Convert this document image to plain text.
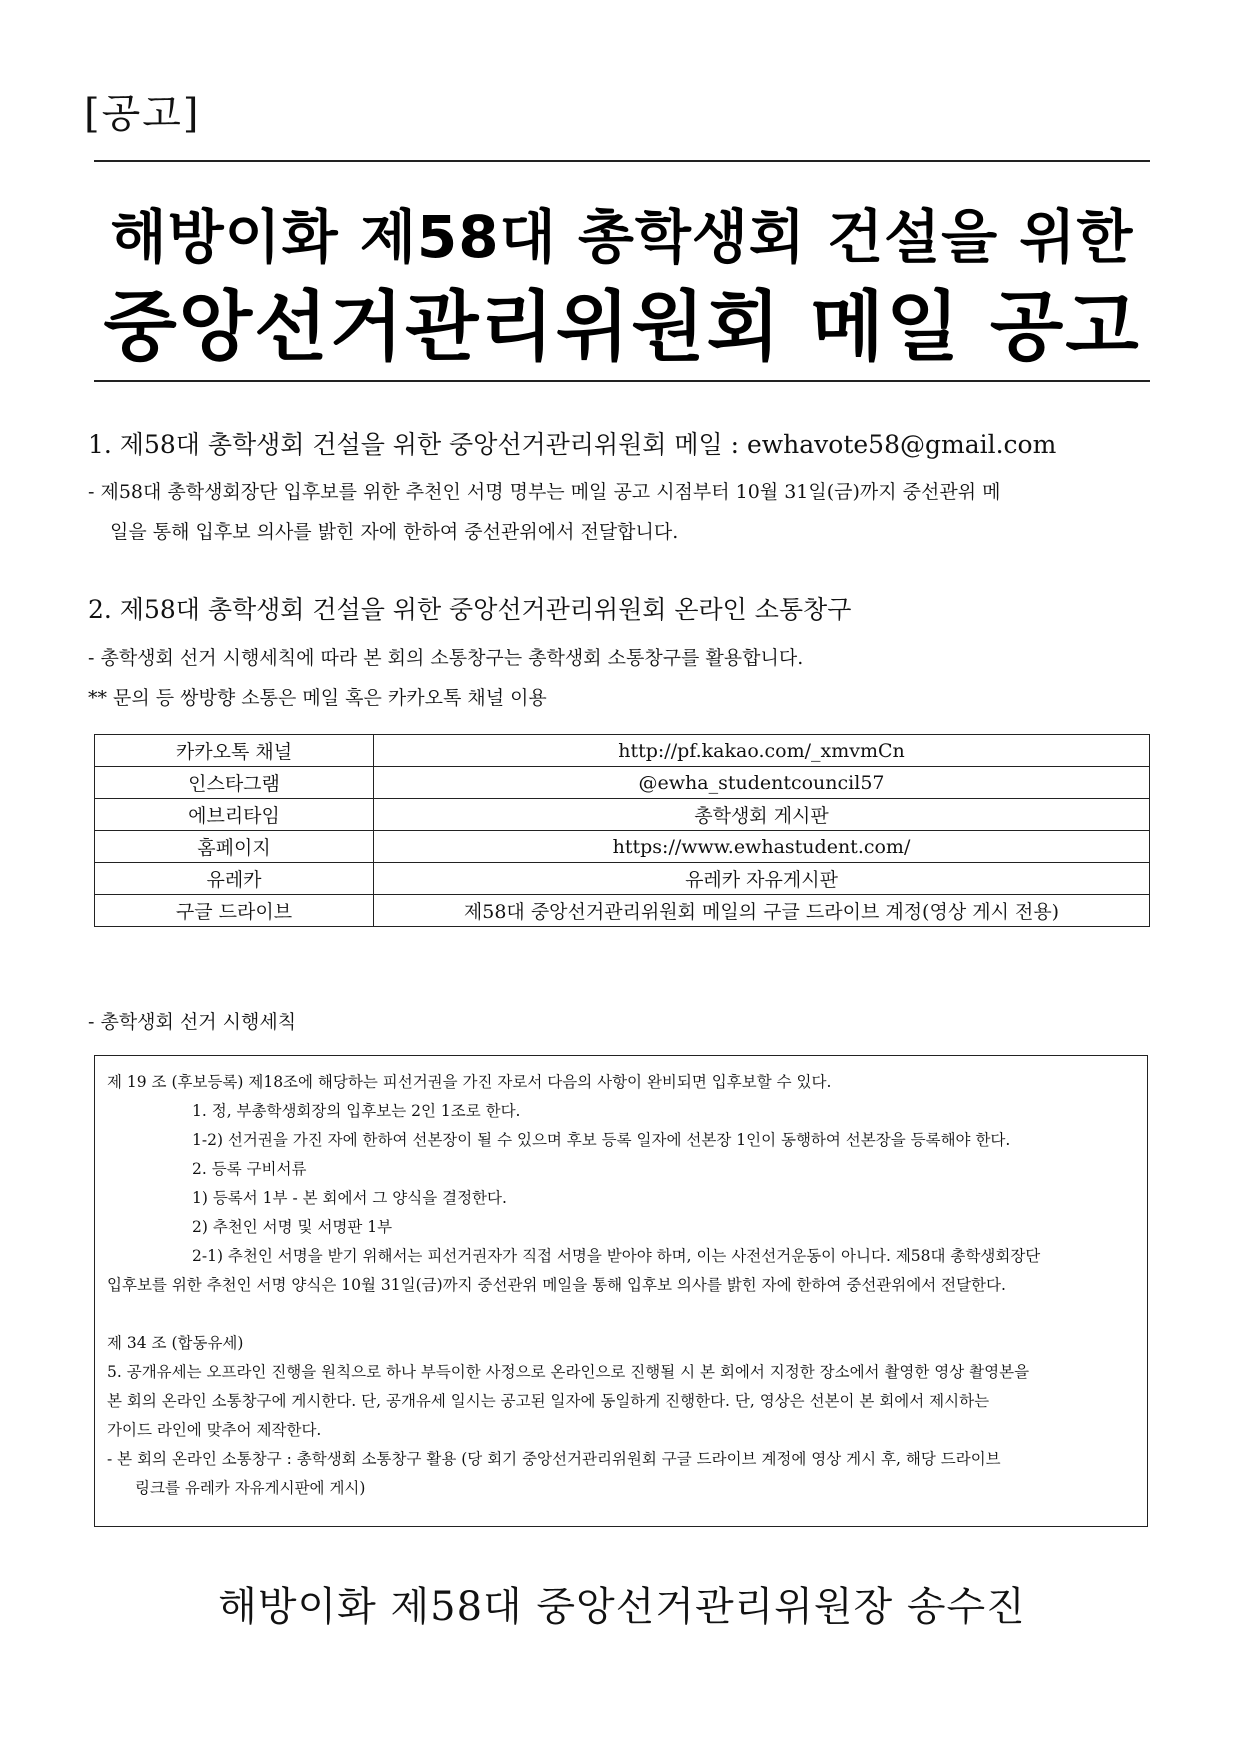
[공고]
해방이화 제58대 총학생회 건설을 위한
중앙선거관리위원회 메일 공고
1. 제58대 총학생회 건설을 위한 중앙선거관리위원회 메일 : ewhavote58@gmail.com
- 제58대 총학생회장단 입후보를 위한 추천인 서명 명부는 메일 공고 시점부터 10월 31일(금)까지 중선관위 메
일을 통해 입후보 의사를 밝힌 자에 한하여 중선관위에서 전달합니다.
2. 제58대 총학생회 건설을 위한 중앙선거관리위원회 온라인 소통창구
- 총학생회 선거 시행세칙에 따라 본 회의 소통창구는 총학생회 소통창구를 활용합니다.
** 문의 등 쌍방향 소통은 메일 혹은 카카오톡 채널 이용
카카오톡 채널	http://pf.kakao.com/_xmvmCn
인스타그램	@ewha_studentcouncil57
에브리타임	총학생회 게시판
홈페이지	https://www.ewhastudent.com/
유레카	유레카 자유게시판
구글 드라이브	제58대 중앙선거관리위원회 메일의 구글 드라이브 계정(영상 게시 전용)
- 총학생회 선거 시행세칙
제 19 조 (후보등록) 제18조에 해당하는 피선거권을 가진 자로서 다음의 사항이 완비되면 입후보할 수 있다.
1. 정, 부총학생회장의 입후보는 2인 1조로 한다.
1-2) 선거권을 가진 자에 한하여 선본장이 될 수 있으며 후보 등록 일자에 선본장 1인이 동행하여 선본장을 등록해야 한다.
2. 등록 구비서류
1) 등록서 1부 - 본 회에서 그 양식을 결정한다.
2) 추천인 서명 및 서명판 1부
2-1) 추천인 서명을 받기 위해서는 피선거권자가 직접 서명을 받아야 하며, 이는 사전선거운동이 아니다. 제58대 총학생회장단
입후보를 위한 추천인 서명 양식은 10월 31일(금)까지 중선관위 메일을 통해 입후보 의사를 밝힌 자에 한하여 중선관위에서 전달한다.
제 34 조 (합동유세)
5. 공개유세는 오프라인 진행을 원칙으로 하나 부득이한 사정으로 온라인으로 진행될 시 본 회에서 지정한 장소에서 촬영한 영상 촬영본을
본 회의 온라인 소통창구에 게시한다. 단, 공개유세 일시는 공고된 일자에 동일하게 진행한다. 단, 영상은 선본이 본 회에서 제시하는
가이드 라인에 맞추어 제작한다.
- 본 회의 온라인 소통창구 : 총학생회 소통창구 활용 (당 회기 중앙선거관리위원회 구글 드라이브 계정에 영상 게시 후, 해당 드라이브
링크를 유레카 자유게시판에 게시)
해방이화 제58대 중앙선거관리위원장 송수진
